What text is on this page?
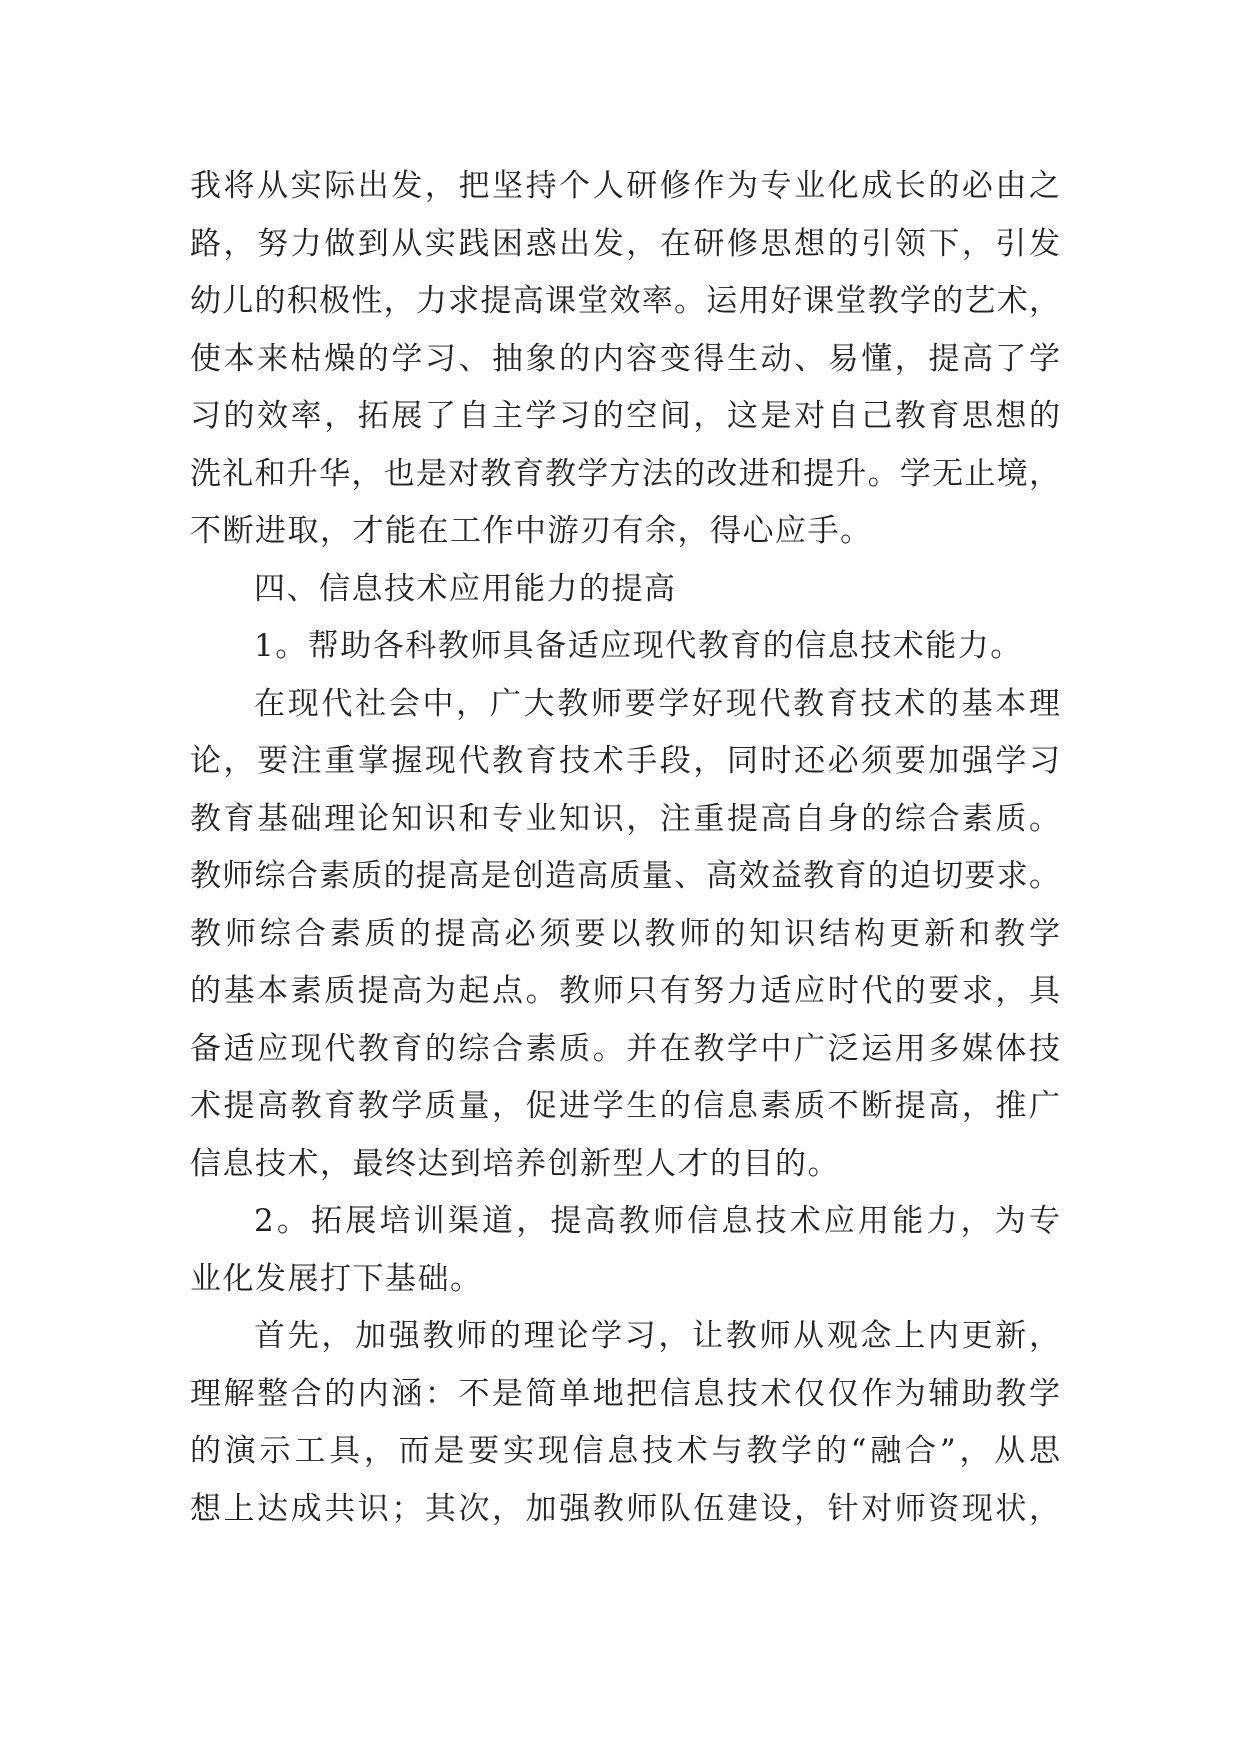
我将从实际出发，把坚持个人研修作为专业化成长的必由之
路，努力做到从实践困惑出发，在研修思想的引领下，引发
幼儿的积极性，力求提高课堂效率。运用好课堂教学的艺术，
使本来枯燥的学习、抽象的内容变得生动、易懂，提高了学
习的效率，拓展了自主学习的空间，这是对自己教育思想的
洗礼和升华，也是对教育教学方法的改进和提升。学无止境，
不断进取，才能在工作中游刃有余，得心应手。
四、信息技术应用能力的提高
1。帮助各科教师具备适应现代教育的信息技术能力。
在现代社会中，广大教师要学好现代教育技术的基本理
论，要注重掌握现代教育技术手段，同时还必须要加强学习
教育基础理论知识和专业知识，注重提高自身的综合素质。
教师综合素质的提高是创造高质量、高效益教育的迫切要求。
教师综合素质的提高必须要以教师的知识结构更新和教学
的基本素质提高为起点。教师只有努力适应时代的要求，具
备适应现代教育的综合素质。并在教学中广泛运用多媒体技
术提高教育教学质量，促进学生的信息素质不断提高，推广
信息技术，最终达到培养创新型人才的目的。
2。拓展培训渠道，提高教师信息技术应用能力，为专
业化发展打下基础。
首先，加强教师的理论学习，让教师从观念上内更新，
理解整合的内涵：不是简单地把信息技术仅仅作为辅助教学
的演示工具，而是要实现信息技术与教学的“融合”，从思
想上达成共识；其次，加强教师队伍建设，针对师资现状，
